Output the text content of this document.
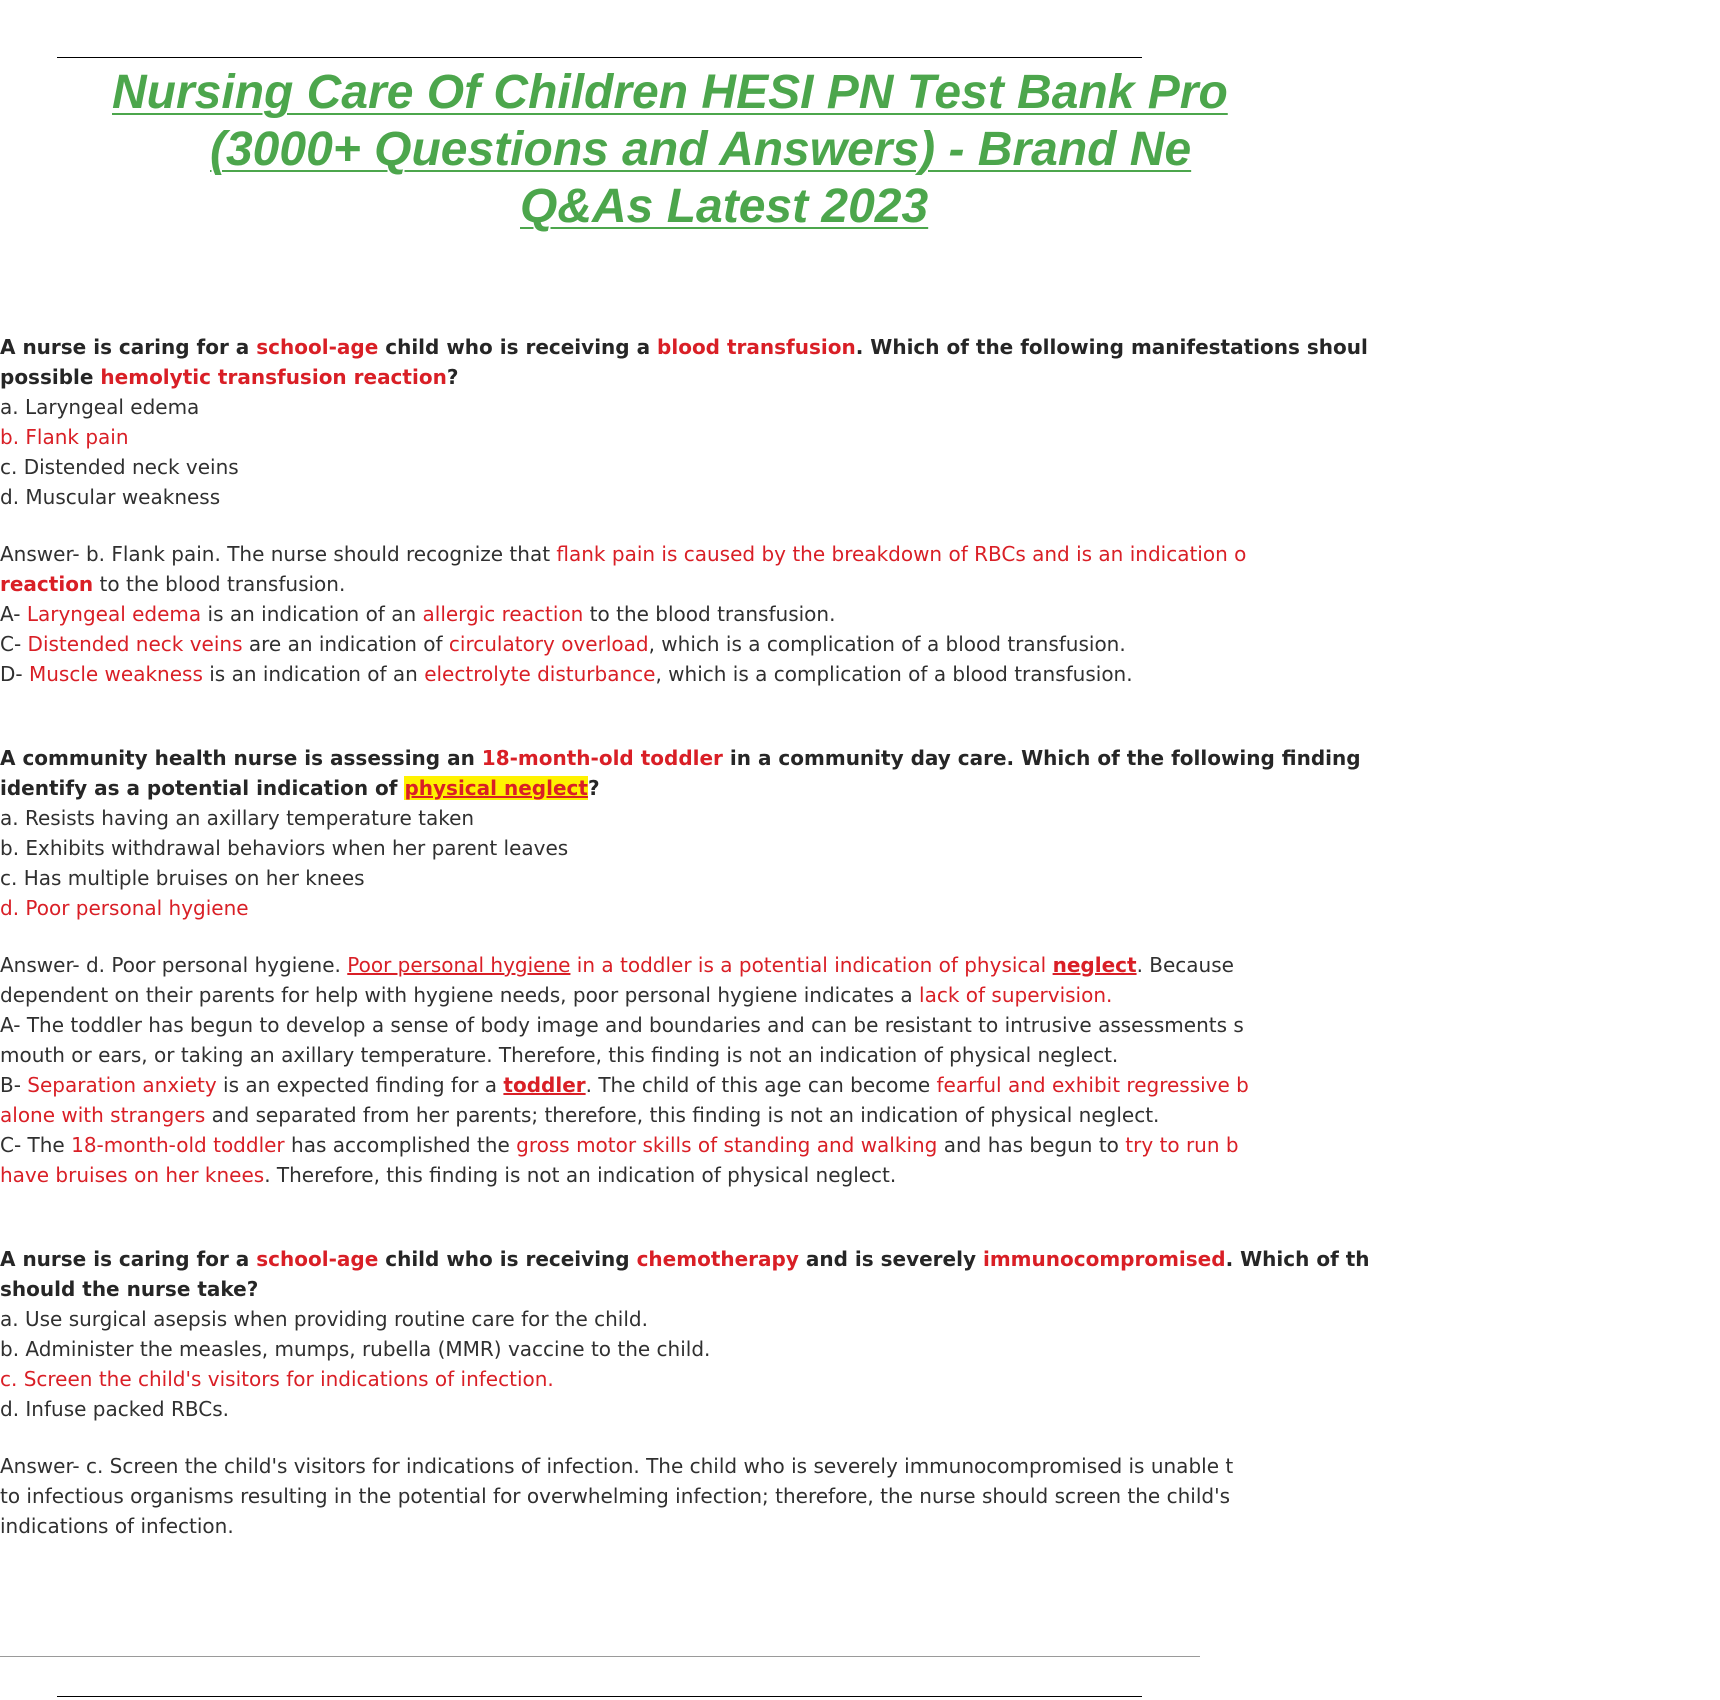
Nursing Care Of Children HESI PN Test Bank Pro
(3000+ Questions and Answers) - Brand Ne
Q&As Latest 2023
A nurse is caring for a school-age child who is receiving a blood transfusion. Which of the following manifestations shoul
possible hemolytic transfusion reaction?
a. Laryngeal edema
b. Flank pain
c. Distended neck veins
d. Muscular weakness
Answer- b. Flank pain. The nurse should recognize that flank pain is caused by the breakdown of RBCs and is an indication o
reaction to the blood transfusion.
A- Laryngeal edema is an indication of an allergic reaction to the blood transfusion.
C- Distended neck veins are an indication of circulatory overload, which is a complication of a blood transfusion.
D- Muscle weakness is an indication of an electrolyte disturbance, which is a complication of a blood transfusion.
A community health nurse is assessing an 18-month-old toddler in a community day care. Which of the following finding
identify as a potential indication of physical neglect?
a. Resists having an axillary temperature taken
b. Exhibits withdrawal behaviors when her parent leaves
c. Has multiple bruises on her knees
d. Poor personal hygiene
Answer- d. Poor personal hygiene. Poor personal hygiene in a toddler is a potential indication of physical neglect. Because
dependent on their parents for help with hygiene needs, poor personal hygiene indicates a lack of supervision.
A- The toddler has begun to develop a sense of body image and boundaries and can be resistant to intrusive assessments s
mouth or ears, or taking an axillary temperature. Therefore, this finding is not an indication of physical neglect.
B- Separation anxiety is an expected finding for a toddler. The child of this age can become fearful and exhibit regressive b
alone with strangers and separated from her parents; therefore, this finding is not an indication of physical neglect.
C- The 18-month-old toddler has accomplished the gross motor skills of standing and walking and has begun to try to run b
have bruises on her knees. Therefore, this finding is not an indication of physical neglect.
A nurse is caring for a school-age child who is receiving chemotherapy and is severely immunocompromised. Which of th
should the nurse take?
a. Use surgical asepsis when providing routine care for the child.
b. Administer the measles, mumps, rubella (MMR) vaccine to the child.
c. Screen the child's visitors for indications of infection.
d. Infuse packed RBCs.
Answer- c. Screen the child's visitors for indications of infection. The child who is severely immunocompromised is unable t
to infectious organisms resulting in the potential for overwhelming infection; therefore, the nurse should screen the child's
indications of infection.
